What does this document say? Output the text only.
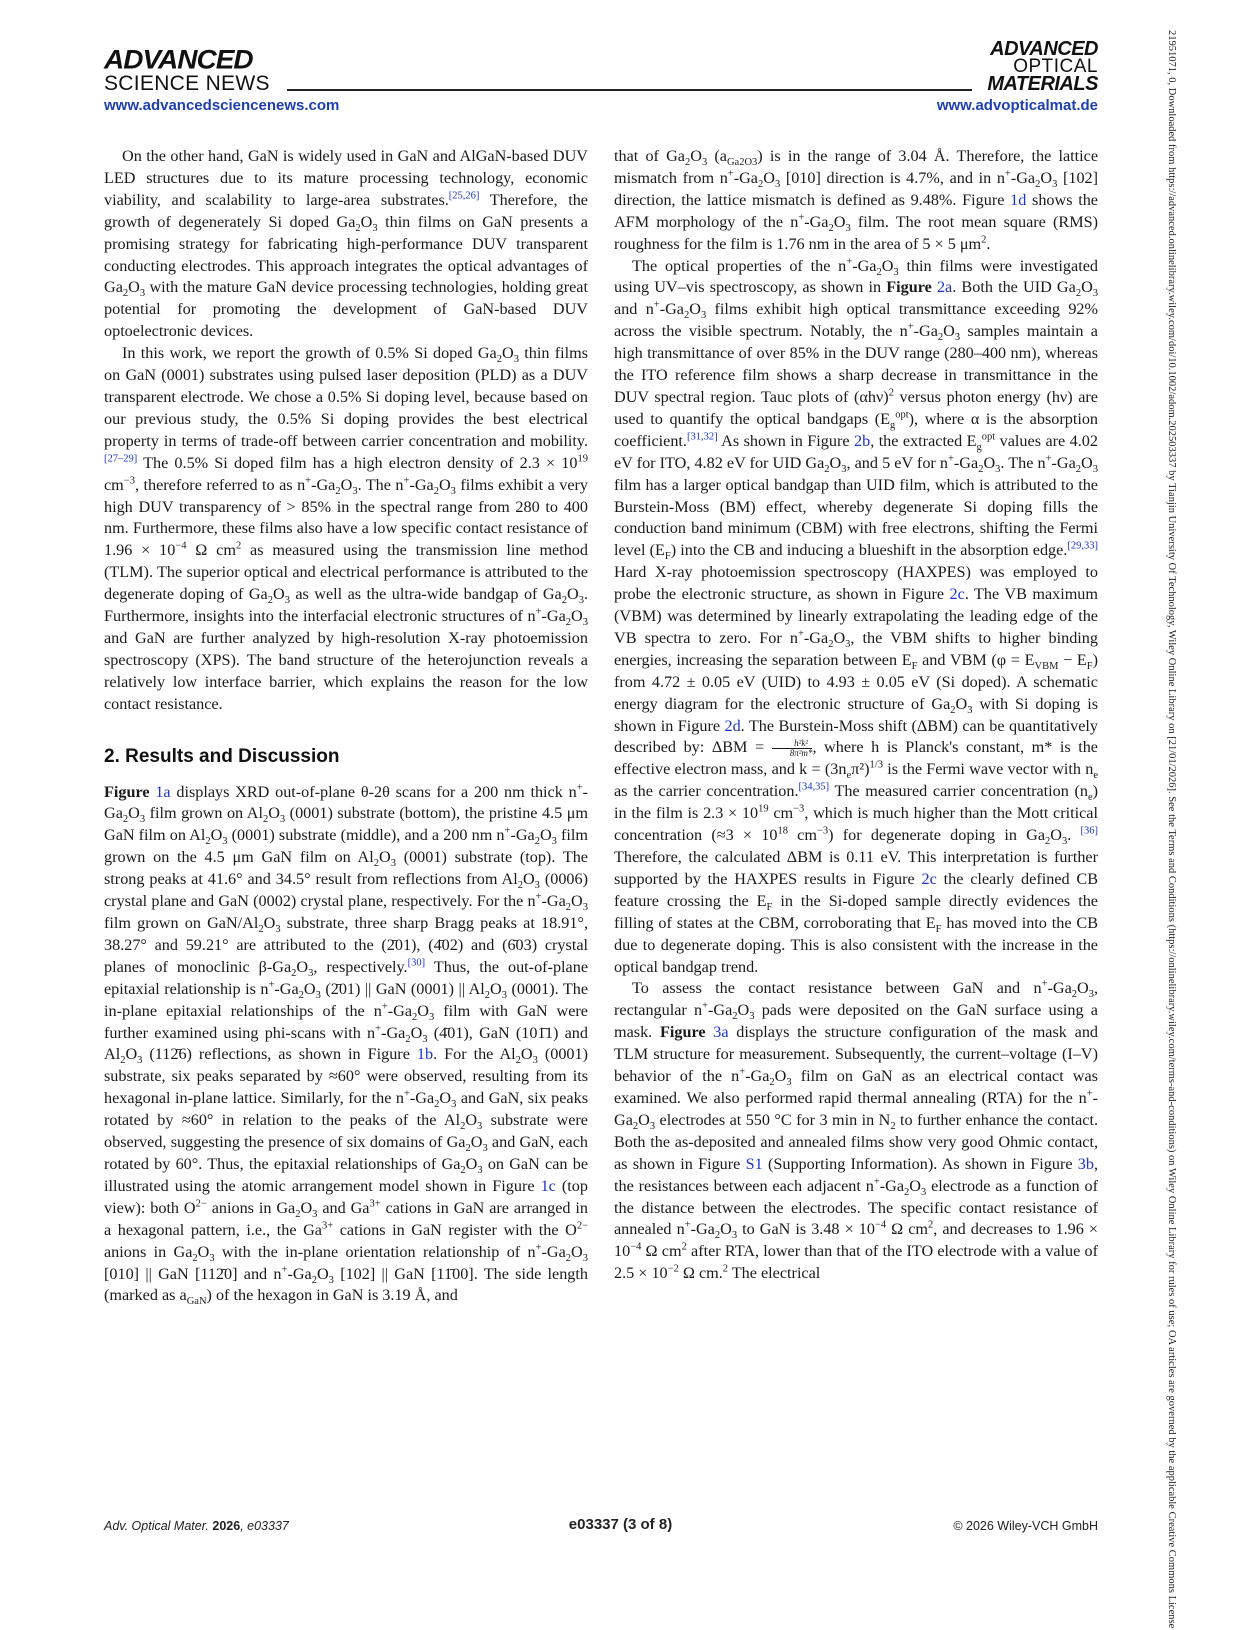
ADVANCED
SCIENCE NEWS
ADVANCED
OPTICAL
MATERIALS
www.advancedsciencenews.com	www.advopticalmat.de	21951071, 0, Downloaded from https://advanced.onlinelibrary.wiley.com/doi/10.1002/adom.202503337 by Tianjin University Of Technology, Wiley Online Library on [21/01/2026]. See the Terms and Conditions (https://onlinelibrary.wiley.com/terms-and-conditions) on Wiley Online Library for rules of use; OA articles are governed by the applicable Creative Commons License

On the other hand, GaN is widely used in GaN and AlGaN-based DUV LED structures due to its mature processing technology, economic viability, and scalability to large-area substrates.[25,26] Therefore, the growth of degenerately Si doped $Ga_2O_3$ thin films on GaN presents a promising strategy for fabricating high-performance DUV transparent conducting electrodes. This approach integrates the optical advantages of $Ga_2O_3$ with the mature GaN device processing technologies, holding great potential for promoting the development of GaN-based DUV optoelectronic devices.

In this work, we report the growth of 0.5% Si doped $Ga_2O_3$ thin films on GaN (0001) substrates using pulsed laser deposition (PLD) as a DUV transparent electrode. We chose a 0.5% Si doping level, because based on our previous study, the 0.5% Si doping provides the best electrical property in terms of trade-off between carrier concentration and mobility.[27–29] The 0.5% Si doped film has a high electron density of $2.3 \times 10^{19}$ $cm^{-3}$, therefore referred to as $n^+-Ga_2O_3$. The $n^+-Ga_2O_3$ films exhibit a very high DUV transparency of > 85% in the spectral range from 280 to 400 nm. Furthermore, these films also have a low specific contact resistance of $1.96 \times 10^{-4}$ Ω $cm^2$ as measured using the transmission line method (TLM). The superior optical and electrical performance is attributed to the degenerate doping of $Ga_2O_3$ as well as the ultra-wide bandgap of $Ga_2O_3$. Furthermore, insights into the interfacial electronic structures of $n^+-Ga_2O_3$ and GaN are further analyzed by high-resolution X-ray photoemission spectroscopy (XPS). The band structure of the heterojunction reveals a relatively low interface barrier, which explains the reason for the low contact resistance.

2. Results and Discussion

Figure 1a displays XRD out-of-plane θ-2θ scans for a 200 nm thick $n^+-Ga_2O_3$ film grown on $Al_2O_3$ (0001) substrate (bottom), the pristine 4.5 μm GaN film on $Al_2O_3$ (0001) substrate (middle), and a 200 nm $n^+-Ga_2O_3$ film grown on the 4.5 μm GaN film on $Al_2O_3$ (0001) substrate (top). The strong peaks at 41.6° and 34.5° result from reflections from $Al_2O_3$ (0006) crystal plane and GaN (0002) crystal plane, respectively. For the $n^+-Ga_2O_3$ film grown on GaN/$Al_2O_3$ substrate, three sharp Bragg peaks at 18.91°, 38.27° and 59.21° are attributed to the (2̄01), (4̄02) and (6̄03) crystal planes of monoclinic $\beta-Ga_2O_3$, respectively.[30] Thus, the out-of-plane epitaxial relationship is $n^+-Ga_2O_3$ (2̄01) || GaN (0001) || $Al_2O_3$ (0001). The in-plane epitaxial relationships of the $n^+-Ga_2O_3$ film with GaN were further examined using phi-scans with $n^+-Ga_2O_3$ (4̄01), GaN (101̄1) and $Al_2O_3$ (112̄6) reflections, as shown in Figure 1b. For the $Al_2O_3$ (0001) substrate, six peaks separated by ≈60° were observed, resulting from its hexagonal in-plane lattice. Similarly, for the $n^+-Ga_2O_3$ and GaN, six peaks rotated by ≈60° in relation to the peaks of the $Al_2O_3$ substrate were observed, suggesting the presence of six domains of $Ga_2O_3$ and GaN, each rotated by 60°. Thus, the epitaxial relationships of $Ga_2O_3$ on GaN can be illustrated using the atomic arrangement model shown in Figure 1c (top view): both $O^{2-}$ anions in $Ga_2O_3$ and $Ga^{3+}$ cations in GaN are arranged in a hexagonal pattern, i.e., the $Ga^{3+}$ cations in GaN register with the $O^{2-}$ anions in $Ga_2O_3$ with the in-plane orientation relationship of $n^+-Ga_2O_3$ [010] || GaN [112̄0] and $n^+-Ga_2O_3$ [102] || GaN [11̄00]. The side length (marked as $a_{GaN}$) of the hexagon in GaN is 3.19 Å, and

that of $Ga_2O_3$ $(a_{Ga2O3})$ is in the range of 3.04 Å. Therefore, the lattice mismatch from $n^+-Ga_2O_3$ [010] direction is 4.7%, and in $n^+-Ga_2O_3$ [102] direction, the lattice mismatch is defined as 9.48%. Figure 1d shows the AFM morphology of the $n^+-Ga_2O_3$ film. The root mean square (RMS) roughness for the film is 1.76 nm in the area of 5 × 5 $\mu m^2$.

The optical properties of the $n^+-Ga_2O_3$ thin films were investigated using UV–vis spectroscopy, as shown in Figure 2a. Both the UID $Ga_2O_3$ and $n^+-Ga_2O_3$ films exhibit high optical transmittance exceeding 92% across the visible spectrum. Notably, the $n^+-Ga_2O_3$ samples maintain a high transmittance of over 85% in the DUV range (280–400 nm), whereas the ITO reference film shows a sharp decrease in transmittance in the DUV spectral region. Tauc plots of $(\alpha h\nu)^2$ versus photon energy (hν) are used to quantify the optical bandgaps $(E_g^{opt})$, where α is the absorption coefficient.[31,32] As shown in Figure 2b, the extracted $E_g^{opt}$ values are 4.02 eV for ITO, 4.82 eV for UID $Ga_2O_3$, and 5 eV for $n^+-Ga_2O_3$. The $n^+-Ga_2O_3$ film has a larger optical bandgap than UID film, which is attributed to the Burstein-Moss (BM) effect, whereby degenerate Si doping fills the conduction band minimum (CBM) with free electrons, shifting the Fermi level $(E_F)$ into the CB and inducing a blueshift in the absorption edge.[29,33] Hard X-ray photoemission spectroscopy (HAXPES) was employed to probe the electronic structure, as shown in Figure 2c. The VB maximum (VBM) was determined by linearly extrapolating the leading edge of the VB spectra to zero. For $n^+-Ga_2O_3$, the VBM shifts to higher binding energies, increasing the separation between $E_F$ and VBM $(\varphi = E_{VBM} - E_F)$ from 4.72 ± 0.05 eV (UID) to 4.93 ± 0.05 eV (Si doped). A schematic energy diagram for the electronic structure of $Ga_2O_3$ with Si doping is shown in Figure 2d. The Burstein-Moss shift (ΔBM) can be quantitatively described by: $\Delta BM = \frac{\text{h²k²}}{\text{8π²m*}}$ , where h is Planck's constant, m* is the effective electron mass, and $k = (3n_e\pi^2)^{1/3}$ is the Fermi wave vector with $n_e$ as the carrier concentration.[34,35] The measured carrier concentration $(n_e)$ in the film is $2.3 \times 10^{19}$ $cm^{-3}$, which is much higher than the Mott critical concentration ($\approx 3 \times 10^{18}$ $cm^{-3}$) for degenerate doping in $Ga_2O_3$. [36] Therefore, the calculated ΔBM is 0.11 eV. This interpretation is further supported by the HAXPES results in Figure 2c the clearly defined CB feature crossing the $E_F$ in the Si-doped sample directly evidences the filling of states at the CBM, corroborating that $E_F$ has moved into the CB due to degenerate doping. This is also consistent with the increase in the optical bandgap trend.

To assess the contact resistance between GaN and $n^+-Ga_2O_3$, rectangular $n^+-Ga_2O_3$ pads were deposited on the GaN surface using a mask. Figure 3a displays the structure configuration of the mask and TLM structure for measurement. Subsequently, the current–voltage (I–V) behavior of the $n^+-Ga_2O_3$ film on GaN as an electrical contact was examined. We also performed rapid thermal annealing (RTA) for the $n^+-Ga_2O_3$ electrodes at 550 °C for 3 min in $N_2$ to further enhance the contact. Both the as-deposited and annealed films show very good Ohmic contact, as shown in Figure S1 (Supporting Information). As shown in Figure 3b, the resistances between each adjacent $n^+-Ga_2O_3$ electrode as a function of the distance between the electrodes. The specific contact resistance of annealed $n^+-Ga_2O_3$ to GaN is $3.48 \times 10^{-4}$ Ω $cm^2$, and decreases to $1.96 \times 10^{-4}$ Ω $cm^2$ after RTA, lower than that of the ITO electrode with a value of $2.5 \times 10^{-2}$ Ω cm.$^2$ The electrical

Adv. Optical Mater. 2026, e03337	e03337 (3 of 8)	© 2026 Wiley-VCH GmbH
